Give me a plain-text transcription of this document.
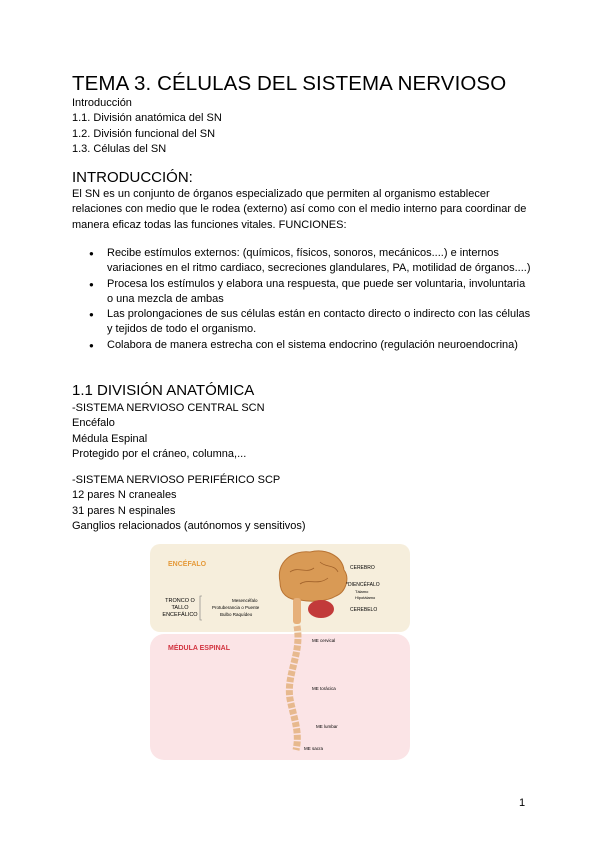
TEMA 3. CÉLULAS DEL SISTEMA NERVIOSO
Introducción
1.1. División anatómica del SN
1.2. División funcional del SN
1.3. Células del SN
INTRODUCCIÓN:
El SN es un conjunto de órganos especializado que permiten al organismo establecer relaciones con medio que le rodea (externo) así como con el medio interno para coordinar de manera eficaz todas las funciones vitales. FUNCIONES:
● Recibe estímulos externos: (químicos, físicos, sonoros, mecánicos....) e internos variaciones en el ritmo cardiaco, secreciones glandulares, PA, motilidad de órganos....)
● Procesa los estímulos y elabora una respuesta, que puede ser voluntaria, involuntaria o una mezcla de ambas
● Las prolongaciones de sus células están en contacto directo o indirecto con las células y tejidos de todo el organismo.
● Colabora de manera estrecha con el sistema endocrino (regulación neuroendocrina)
1.1 DIVISIÓN ANATÓMICA
-SISTEMA NERVIOSO CENTRAL SCN
Encéfalo
Médula Espinal
Protegido por el cráneo, columna,...
-SISTEMA NERVIOSO PERIFÉRICO SCP
12 pares N craneales
31 pares N espinales
Ganglios relacionados (autónomos y sensitivos)
ENCÉFALO
MÉDULA ESPINAL
TRONCO O
TALLO
ENCEFÁLICO
Mesencéfalo
Protuberancia o Puente
Bulbo Raquídeo
CEREBRO
*DIENCÉFALO
Tálamo
Hipotálamo
CEREBELO
ME cervical
ME torácica
ME lumbar
ME sacra
1
